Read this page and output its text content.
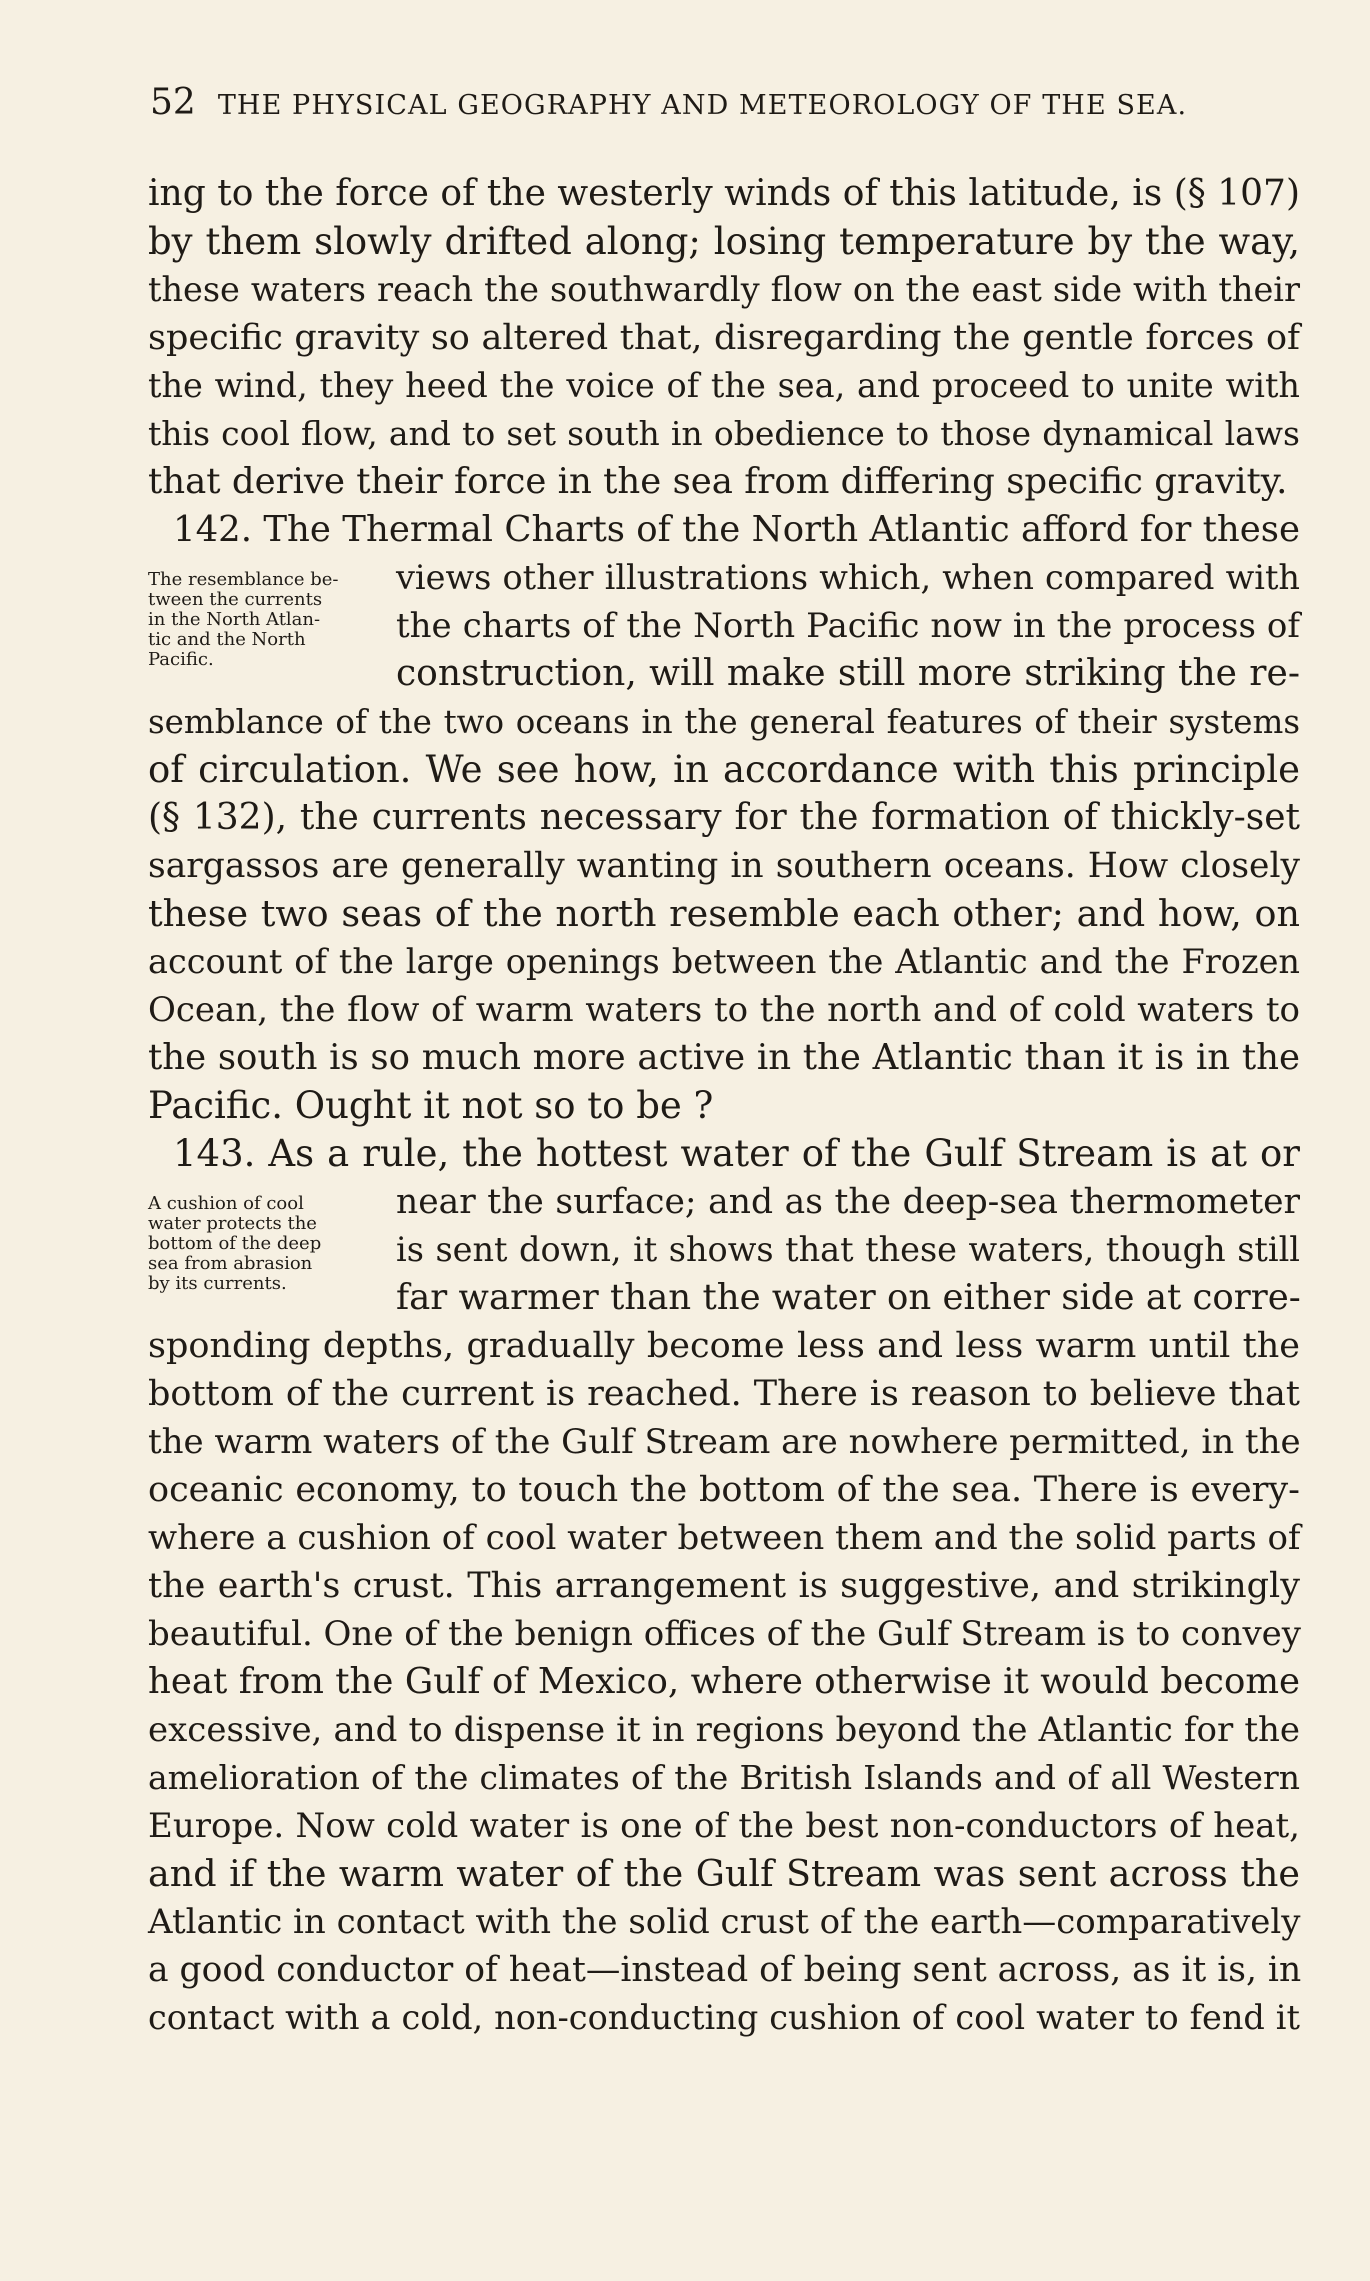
52 THE PHYSICAL GEOGRAPHY AND METEOROLOGY OF THE SEA.
ing to the force of the westerly winds of this latitude, is (§ 107)
by them slowly drifted along; losing temperature by the way,
these waters reach the southwardly flow on the east side with their
specific gravity so altered that, disregarding the gentle forces of
the wind, they heed the voice of the sea, and proceed to unite with
this cool flow, and to set south in obedience to those dynamical laws
that derive their force in the sea from differing specific gravity.
142. The Thermal Charts of the North Atlantic afford for these
views other illustrations which, when compared with
the charts of the North Pacific now in the process of
construction, will make still more striking the re-
semblance of the two oceans in the general features of their systems
of circulation. We see how, in accordance with this principle
(§ 132), the currents necessary for the formation of thickly-set
sargassos are generally wanting in southern oceans. How closely
these two seas of the north resemble each other; and how, on
account of the large openings between the Atlantic and the Frozen
Ocean, the flow of warm waters to the north and of cold waters to
the south is so much more active in the Atlantic than it is in the
Pacific. Ought it not so to be ?
143. As a rule, the hottest water of the Gulf Stream is at or
near the surface; and as the deep-sea thermometer
is sent down, it shows that these waters, though still
far warmer than the water on either side at corre-
sponding depths, gradually become less and less warm until the
bottom of the current is reached. There is reason to believe that
the warm waters of the Gulf Stream are nowhere permitted, in the
oceanic economy, to touch the bottom of the sea. There is every-
where a cushion of cool water between them and the solid parts of
the earth's crust. This arrangement is suggestive, and strikingly
beautiful. One of the benign offices of the Gulf Stream is to convey
heat from the Gulf of Mexico, where otherwise it would become
excessive, and to dispense it in regions beyond the Atlantic for the
amelioration of the climates of the British Islands and of all Western
Europe. Now cold water is one of the best non-conductors of heat,
and if the warm water of the Gulf Stream was sent across the
Atlantic in contact with the solid crust of the earth—comparatively
a good conductor of heat—instead of being sent across, as it is, in
contact with a cold, non-conducting cushion of cool water to fend it
The resemblance be-
tween the currents
in the North Atlan-
tic and the North
Pacific.
A cushion of cool
water protects the
bottom of the deep
sea from abrasion
by its currents.
